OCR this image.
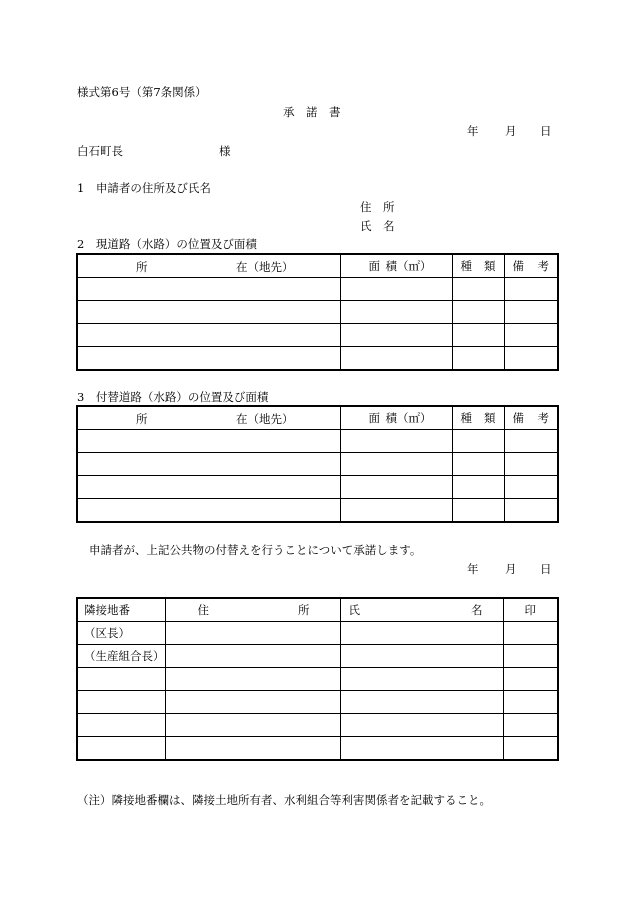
様式第6号（第7条関係）
承　諾　書
年 月 日
白石町長	様
1　申請者の住所及び氏名
住　所
氏　名
2　現道路（水路）の位置及び面積
所 在（地先）	面 積（㎡）	種 類	備 考

3　付替道路（水路）の位置及び面積
所 在（地先）	面 積（㎡）	種 類	備 考

申請者が、上記公共物の付替えを行うことについて承諾します。
年 月 日
隣接地番	住 所	氏 名	印
（区長）			
（生産組合長）			

（注）隣接地番欄は、隣接土地所有者、水利組合等利害関係者を記載すること。
